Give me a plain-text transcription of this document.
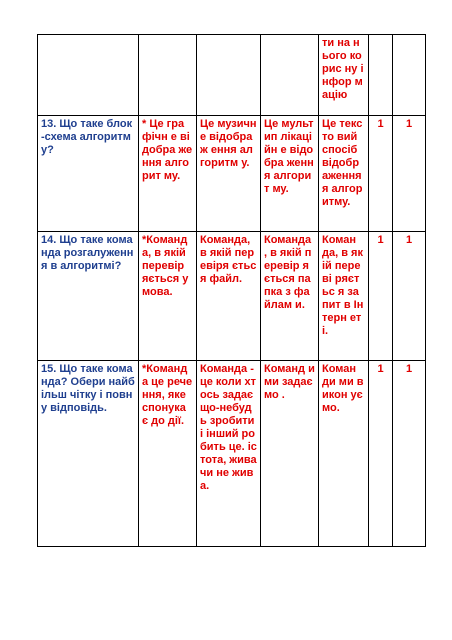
				ти на нього корис ну інфор мацію		
13. Що таке блок-схема алгоритму?	* Це графічн е відобра ження алгорит му.	Це музичне відображ ення алгоритм у.	Це мультип лікаційн е відобра ження алгорит му.	Це тексто вий спосіб відобр аження я алгор итму.	1	1
14. Що таке команда розгалуження в алгоритмі?	*Команд а, в якій перевір яється умова.	Команда, в якій перевіря ється файл.	Команда , в якій перевір яється папка з файлам и.	Коман да, в якій переві ряєтьс я запит в Інтерн еті.	1	1
15. Що таке команда? Обери найбільш чітку і повну відповідь.	*Команд а це речення, яке спонука є до дії.	Команда - це коли хтось задає що-небудь зробити і інший робить це. істота, жива чи не жива.	Команд и ми задаємо .	Коман ди ми викон уємо.	1	1
